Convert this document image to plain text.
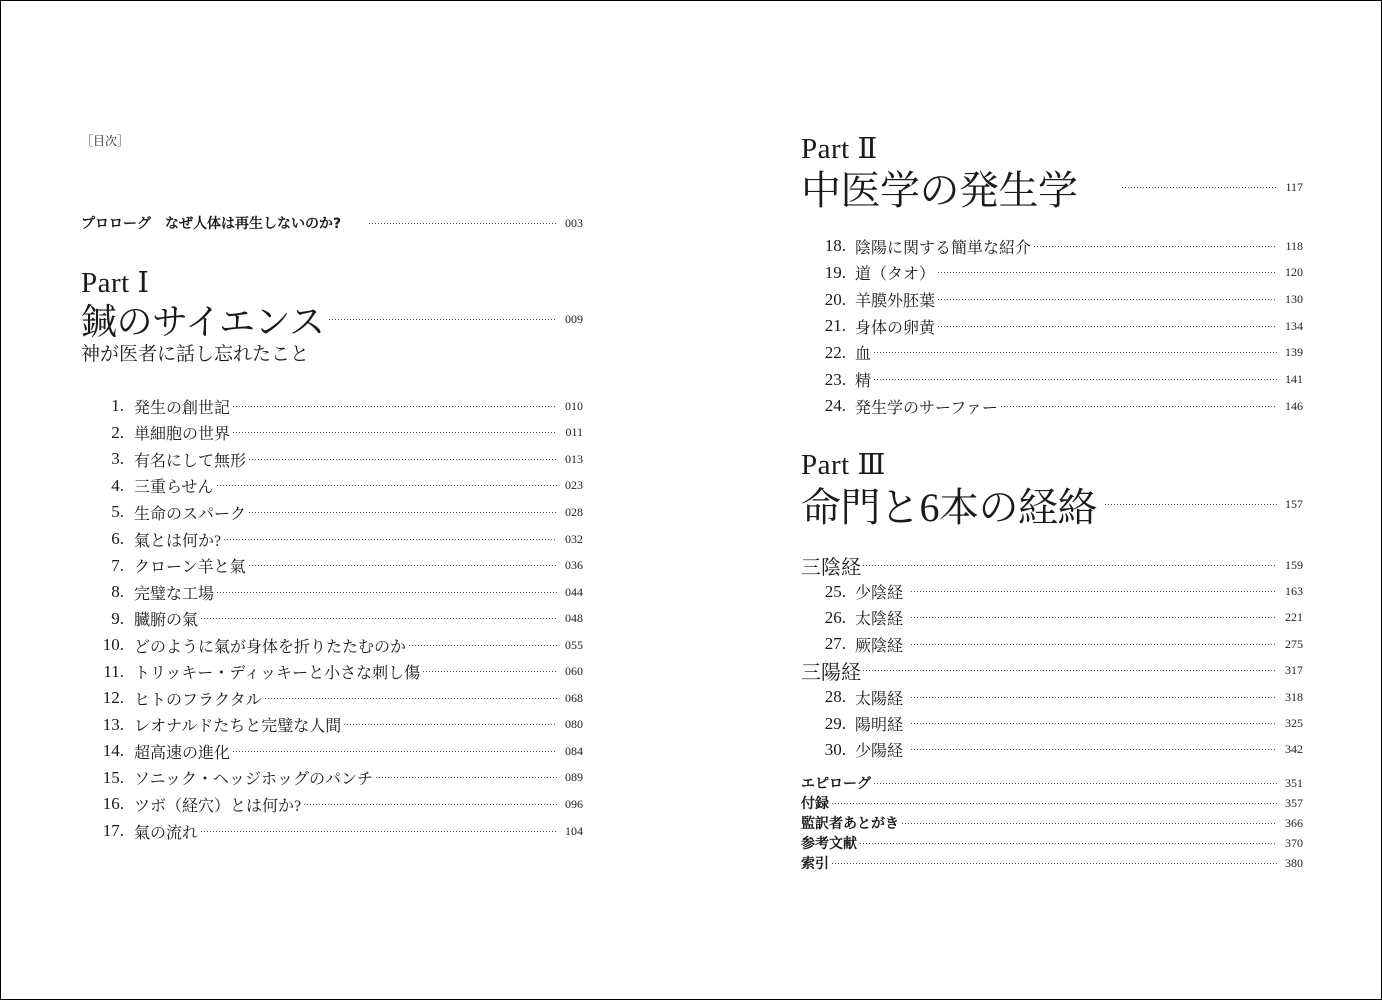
［目次］
プロローグ　なぜ人体は再生しないのか?	003
Part Ⅰ
鍼のサイエンス	009
神が医者に話し忘れたこと
1. 発生の創世記	010
2. 単細胞の世界	011
3. 有名にして無形	013
4. 三重らせん	023
5. 生命のスパーク	028
6. 氣とは何か?	032
7. クローン羊と氣	036
8. 完璧な工場	044
9. 臓腑の氣	048
10. どのように氣が身体を折りたたむのか	055
11. トリッキー・ディッキーと小さな刺し傷	060
12. ヒトのフラクタル	068
13. レオナルドたちと完璧な人間	080
14. 超高速の進化	084
15. ソニック・ヘッジホッグのパンチ	089
16. ツボ（経穴）とは何か?	096
17. 氣の流れ	104
Part Ⅱ
中医学の発生学	117
18. 陰陽に関する簡単な紹介	118
19. 道（タオ）	120
20. 羊膜外胚葉	130
21. 身体の卵黄	134
22. 血	139
23. 精	141
24. 発生学のサーファー	146
Part Ⅲ
命門と6本の経絡	157
三陰経	159
25. 少陰経	163
26. 太陰経	221
27. 厥陰経	275
三陽経	317
28. 太陽経	318
29. 陽明経	325
30. 少陽経	342
エピローグ	351
付録	357
監訳者あとがき	366
参考文献	370
索引	380
